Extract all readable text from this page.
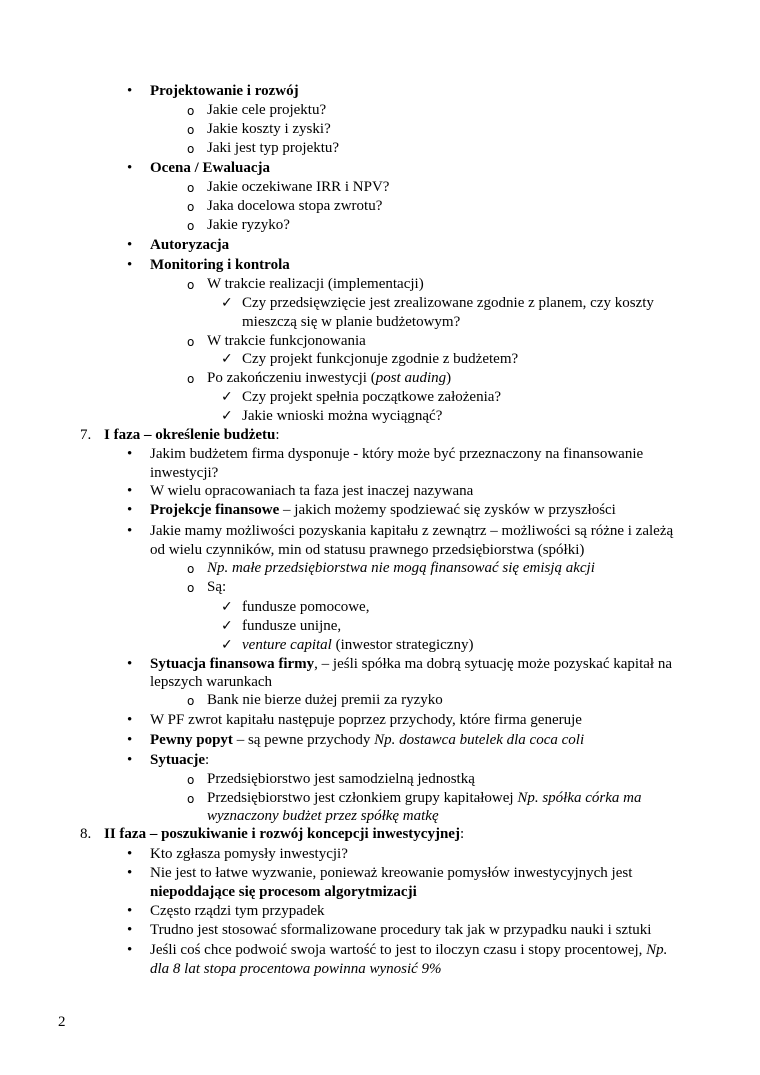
• Projektowanie i rozwój
o Jakie cele projektu?
o Jakie koszty i zyski?
o Jaki jest typ projektu?
• Ocena / Ewaluacja
o Jakie oczekiwane IRR i NPV?
o Jaka docelowa stopa zwrotu?
o Jakie ryzyko?
• Autoryzacja
• Monitoring i kontrola
o W trakcie realizacji (implementacji)
✓ Czy przedsięwzięcie jest zrealizowane zgodnie z planem, czy koszty
mieszczą się w planie budżetowym?
o W trakcie funkcjonowania
✓ Czy projekt funkcjonuje zgodnie z budżetem?
o Po zakończeniu inwestycji (post auding)
✓ Czy projekt spełnia początkowe założenia?
✓ Jakie wnioski można wyciągnąć?
7. I faza – określenie budżetu:
• Jakim budżetem firma dysponuje - który może być przeznaczony na finansowanie
inwestycji?
• W wielu opracowaniach ta faza jest inaczej nazywana
• Projekcje finansowe – jakich możemy spodziewać się zysków w przyszłości
• Jakie mamy możliwości pozyskania kapitału z zewnątrz – możliwości są różne i zależą
od wielu czynników, min od statusu prawnego przedsiębiorstwa (spółki)
o Np. małe przedsiębiorstwa nie mogą finansować się emisją akcji
o Są:
✓ fundusze pomocowe,
✓ fundusze unijne,
✓ venture capital (inwestor strategiczny)
• Sytuacja finansowa firmy, – jeśli spółka ma dobrą sytuację może pozyskać kapitał na
lepszych warunkach
o Bank nie bierze dużej premii za ryzyko
• W PF zwrot kapitału następuje poprzez przychody, które firma generuje
• Pewny popyt – są pewne przychody Np. dostawca butelek dla coca coli
• Sytuacje:
o Przedsiębiorstwo jest samodzielną jednostką
o Przedsiębiorstwo jest członkiem grupy kapitałowej Np. spółka córka ma
wyznaczony budżet przez spółkę matkę
8. II faza – poszukiwanie i rozwój koncepcji inwestycyjnej:
• Kto zgłasza pomysły inwestycji?
• Nie jest to łatwe wyzwanie, ponieważ kreowanie pomysłów inwestycyjnych jest
niepoddające się procesom algorytmizacji
• Często rządzi tym przypadek
• Trudno jest stosować sformalizowane procedury tak jak w przypadku nauki i sztuki
• Jeśli coś chce podwoić swoja wartość to jest to iloczyn czasu i stopy procentowej, Np.
dla 8 lat stopa procentowa powinna wynosić 9%
2
